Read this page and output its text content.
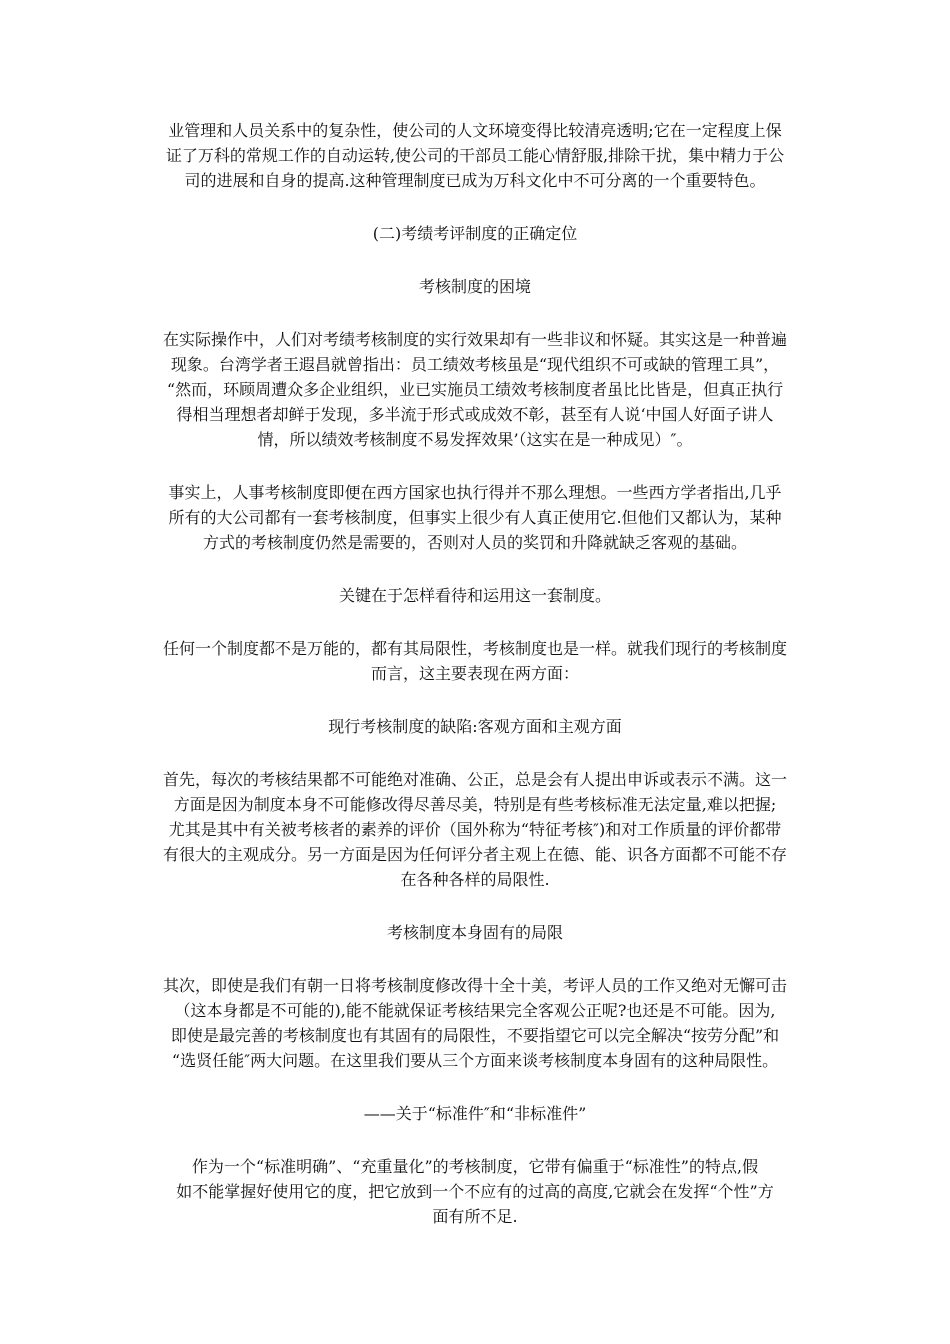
业管理和人员关系中的复杂性，使公司的人文环境变得比较清亮透明;它在一定程度上保
证了万科的常规工作的自动运转,使公司的干部员工能心情舒服,排除干扰，集中精力于公
司的进展和自身的提高.这种管理制度已成为万科文化中不可分离的一个重要特色。

(二)考绩考评制度的正确定位

考核制度的困境

在实际操作中，人们对考绩考核制度的实行效果却有一些非议和怀疑。其实这是一种普遍
现象。台湾学者王遐昌就曾指出：员工绩效考核虽是“现代组织不可或缺的管理工具”，
“然而，环顾周遭众多企业组织，业已实施员工绩效考核制度者虽比比皆是，但真正执行
得相当理想者却鲜于发现，多半流于形式或成效不彰，甚至有人说‘中国人好面子讲人
情，所以绩效考核制度不易发挥效果’（这实在是一种成见）″。

事实上，人事考核制度即便在西方国家也执行得并不那么理想。一些西方学者指出,几乎
所有的大公司都有一套考核制度，但事实上很少有人真正使用它.但他们又都认为，某种
方式的考核制度仍然是需要的，否则对人员的奖罚和升降就缺乏客观的基础。

关键在于怎样看待和运用这一套制度。

任何一个制度都不是万能的，都有其局限性，考核制度也是一样。就我们现行的考核制度
而言，这主要表现在两方面：

现行考核制度的缺陷:客观方面和主观方面

首先，每次的考核结果都不可能绝对准确、公正，总是会有人提出申诉或表示不满。这一
方面是因为制度本身不可能修改得尽善尽美，特别是有些考核标准无法定量,难以把握;
尤其是其中有关被考核者的素养的评价（国外称为“特征考核″)和对工作质量的评价都带
有很大的主观成分。另一方面是因为任何评分者主观上在德、能、识各方面都不可能不存
在各种各样的局限性.

考核制度本身固有的局限

其次，即使是我们有朝一日将考核制度修改得十全十美，考评人员的工作又绝对无懈可击
（这本身都是不可能的),能不能就保证考核结果完全客观公正呢?也还是不可能。因为,
即使是最完善的考核制度也有其固有的局限性，不要指望它可以完全解决“按劳分配”和
“选贤任能″两大问题。在这里我们要从三个方面来谈考核制度本身固有的这种局限性。

——关于“标准件″和“非标准件”

作为一个“标准明确”、“充重量化”的考核制度，它带有偏重于“标准性”的特点,假
如不能掌握好使用它的度，把它放到一个不应有的过高的高度,它就会在发挥“个性”方
面有所不足.
